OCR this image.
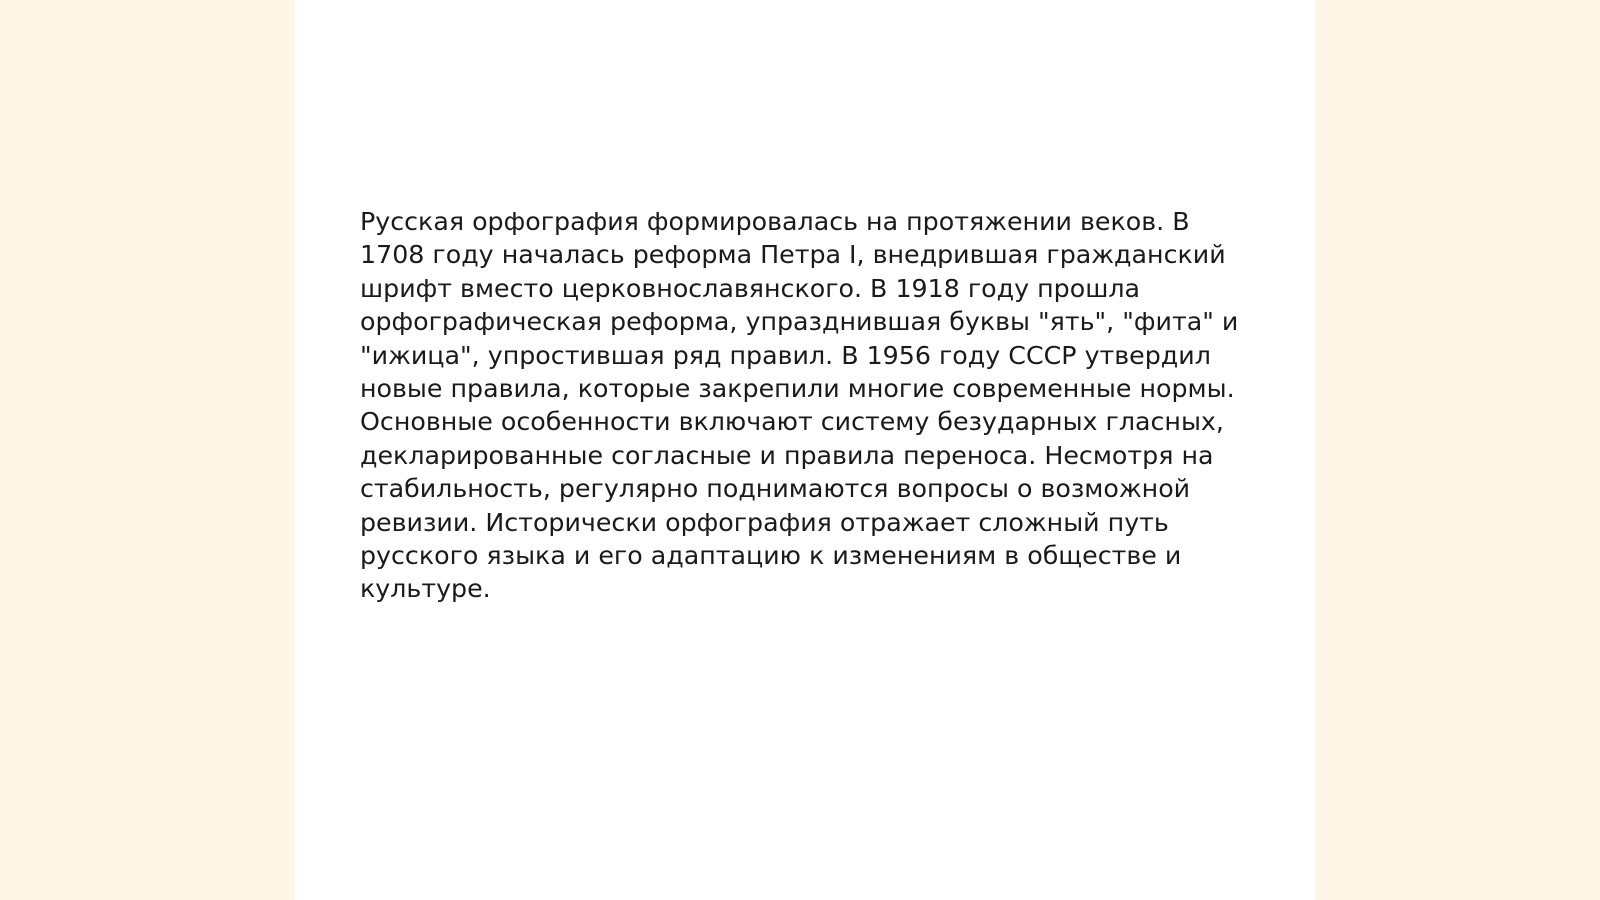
Русская орфография формировалась на протяжении веков. В 1708 году началась реформа Петра I, внедрившая гражданский шрифт вместо церковнославянского. В 1918 году прошла орфографическая реформа, упразднившая буквы "ять", "фита" и "ижица", упростившая ряд правил. В 1956 году СССР утвердил новые правила, которые закрепили многие современные нормы. Основные особенности включают систему безударных гласных, декларированные согласные и правила переноса. Несмотря на стабильность, регулярно поднимаются вопросы о возможной ревизии. Исторически орфография отражает сложный путь русского языка и его адаптацию к изменениям в обществе и культуре.
